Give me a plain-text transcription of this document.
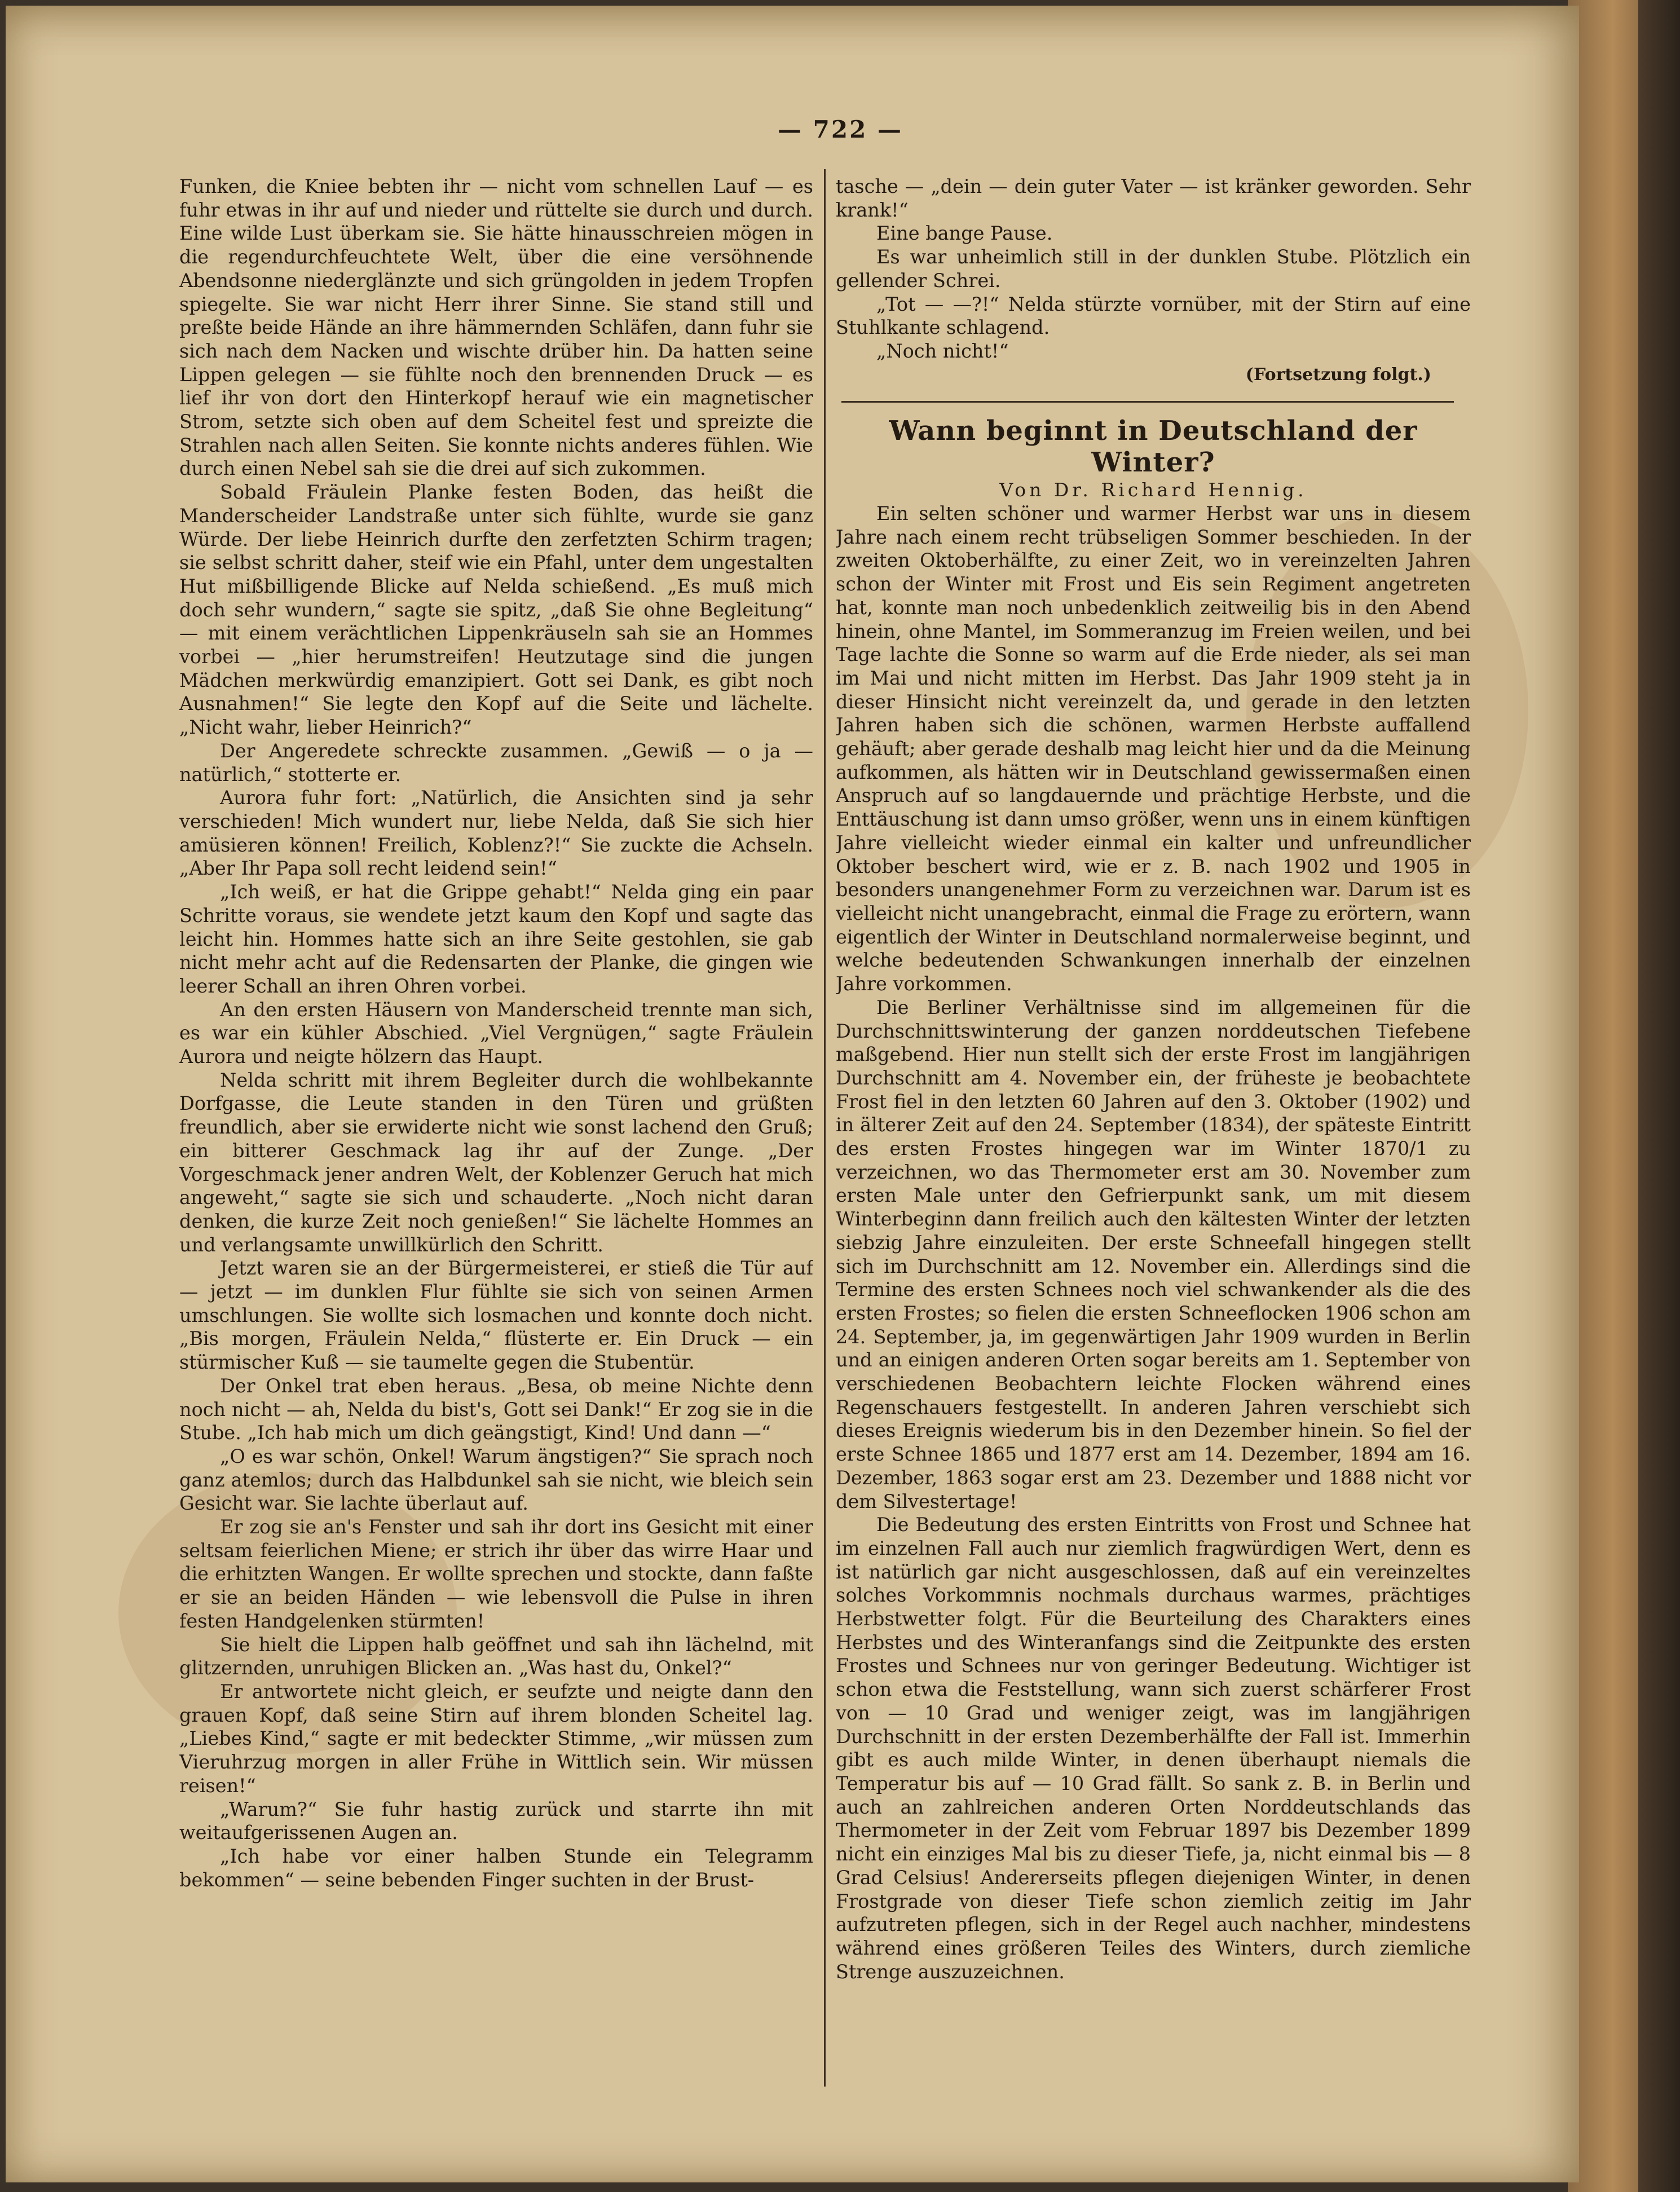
— 722 —

Funken, die Kniee bebten ihr — nicht vom schnellen Lauf — es fuhr etwas in ihr auf und nieder und rüttelte sie durch und durch. Eine wilde Lust überkam sie. Sie hätte hinausschreien mögen in die regendurchfeuchtete Welt, über die eine versöhnende Abendsonne niederglänzte und sich grüngolden in jedem Tropfen spiegelte. Sie war nicht Herr ihrer Sinne. Sie stand still und preßte beide Hände an ihre hämmernden Schläfen, dann fuhr sie sich nach dem Nacken und wischte drüber hin. Da hatten seine Lippen gelegen — sie fühlte noch den brennenden Druck — es lief ihr von dort den Hinterkopf herauf wie ein magnetischer Strom, setzte sich oben auf dem Scheitel fest und spreizte die Strahlen nach allen Seiten. Sie konnte nichts anderes fühlen. Wie durch einen Nebel sah sie die drei auf sich zukommen.

Sobald Fräulein Planke festen Boden, das heißt die Manderscheider Landstraße unter sich fühlte, wurde sie ganz Würde. Der liebe Heinrich durfte den zerfetzten Schirm tragen; sie selbst schritt daher, steif wie ein Pfahl, unter dem ungestalten Hut mißbilligende Blicke auf Nelda schießend. „Es muß mich doch sehr wundern,“ sagte sie spitz, „daß Sie ohne Begleitung“ — mit einem verächtlichen Lippenkräuseln sah sie an Hommes vorbei — „hier herumstreifen! Heutzutage sind die jungen Mädchen merkwürdig emanzipiert. Gott sei Dank, es gibt noch Ausnahmen!“ Sie legte den Kopf auf die Seite und lächelte. „Nicht wahr, lieber Heinrich?“

Der Angeredete schreckte zusammen. „Gewiß — o ja — natürlich,“ stotterte er.

Aurora fuhr fort: „Natürlich, die Ansichten sind ja sehr verschieden! Mich wundert nur, liebe Nelda, daß Sie sich hier amüsieren können! Freilich, Koblenz?!“ Sie zuckte die Achseln. „Aber Ihr Papa soll recht leidend sein!“

„Ich weiß, er hat die Grippe gehabt!“ Nelda ging ein paar Schritte voraus, sie wendete jetzt kaum den Kopf und sagte das leicht hin. Hommes hatte sich an ihre Seite gestohlen, sie gab nicht mehr acht auf die Redensarten der Planke, die gingen wie leerer Schall an ihren Ohren vorbei.

An den ersten Häusern von Manderscheid trennte man sich, es war ein kühler Abschied. „Viel Vergnügen,“ sagte Fräulein Aurora und neigte hölzern das Haupt.

Nelda schritt mit ihrem Begleiter durch die wohlbekannte Dorfgasse, die Leute standen in den Türen und grüßten freundlich, aber sie erwiderte nicht wie sonst lachend den Gruß; ein bitterer Geschmack lag ihr auf der Zunge. „Der Vorgeschmack jener andren Welt, der Koblenzer Geruch hat mich angeweht,“ sagte sie sich und schauderte. „Noch nicht daran denken, die kurze Zeit noch genießen!“ Sie lächelte Hommes an und verlangsamte unwillkürlich den Schritt.

Jetzt waren sie an der Bürgermeisterei, er stieß die Tür auf — jetzt — im dunklen Flur fühlte sie sich von seinen Armen umschlungen. Sie wollte sich losmachen und konnte doch nicht. „Bis morgen, Fräulein Nelda,“ flüsterte er. Ein Druck — ein stürmischer Kuß — sie taumelte gegen die Stubentür.

Der Onkel trat eben heraus. „Besa, ob meine Nichte denn noch nicht — ah, Nelda du bist's, Gott sei Dank!“ Er zog sie in die Stube. „Ich hab mich um dich geängstigt, Kind! Und dann —“

„O es war schön, Onkel! Warum ängstigen?“ Sie sprach noch ganz atemlos; durch das Halbdunkel sah sie nicht, wie bleich sein Gesicht war. Sie lachte überlaut auf.

Er zog sie an's Fenster und sah ihr dort ins Gesicht mit einer seltsam feierlichen Miene; er strich ihr über das wirre Haar und die erhitzten Wangen. Er wollte sprechen und stockte, dann faßte er sie an beiden Händen — wie lebensvoll die Pulse in ihren festen Handgelenken stürmten!

Sie hielt die Lippen halb geöffnet und sah ihn lächelnd, mit glitzernden, unruhigen Blicken an. „Was hast du, Onkel?“

Er antwortete nicht gleich, er seufzte und neigte dann den grauen Kopf, daß seine Stirn auf ihrem blonden Scheitel lag. „Liebes Kind,“ sagte er mit bedeckter Stimme, „wir müssen zum Vieruhrzug morgen in aller Frühe in Wittlich sein. Wir müssen reisen!“

„Warum?“ Sie fuhr hastig zurück und starrte ihn mit weitaufgerissenen Augen an.

„Ich habe vor einer halben Stunde ein Telegramm bekommen“ — seine bebenden Finger suchten in der Brust-

tasche — „dein — dein guter Vater — ist kränker geworden. Sehr krank!“

Eine bange Pause.

Es war unheimlich still in der dunklen Stube. Plötzlich ein gellender Schrei.

„Tot — —?!“ Nelda stürzte vornüber, mit der Stirn auf eine Stuhlkante schlagend.

„Noch nicht!“

(Fortsetzung folgt.)

Wann beginnt in Deutschland der Winter?

Von Dr. Richard Hennig.

Ein selten schöner und warmer Herbst war uns in diesem Jahre nach einem recht trübseligen Sommer beschieden. In der zweiten Oktoberhälfte, zu einer Zeit, wo in vereinzelten Jahren schon der Winter mit Frost und Eis sein Regiment angetreten hat, konnte man noch unbedenklich zeitweilig bis in den Abend hinein, ohne Mantel, im Sommeranzug im Freien weilen, und bei Tage lachte die Sonne so warm auf die Erde nieder, als sei man im Mai und nicht mitten im Herbst. Das Jahr 1909 steht ja in dieser Hinsicht nicht vereinzelt da, und gerade in den letzten Jahren haben sich die schönen, warmen Herbste auffallend gehäuft; aber gerade deshalb mag leicht hier und da die Meinung aufkommen, als hätten wir in Deutschland gewissermaßen einen Anspruch auf so langdauernde und prächtige Herbste, und die Enttäuschung ist dann umso größer, wenn uns in einem künftigen Jahre vielleicht wieder einmal ein kalter und unfreundlicher Oktober beschert wird, wie er z. B. nach 1902 und 1905 in besonders unangenehmer Form zu verzeichnen war. Darum ist es vielleicht nicht unangebracht, einmal die Frage zu erörtern, wann eigentlich der Winter in Deutschland normalerweise beginnt, und welche bedeutenden Schwankungen innerhalb der einzelnen Jahre vorkommen.

Die Berliner Verhältnisse sind im allgemeinen für die Durchschnittswinterung der ganzen norddeutschen Tiefebene maßgebend. Hier nun stellt sich der erste Frost im langjährigen Durchschnitt am 4. November ein, der früheste je beobachtete Frost fiel in den letzten 60 Jahren auf den 3. Oktober (1902) und in älterer Zeit auf den 24. September (1834), der späteste Eintritt des ersten Frostes hingegen war im Winter 1870/1 zu verzeichnen, wo das Thermometer erst am 30. November zum ersten Male unter den Gefrierpunkt sank, um mit diesem Winterbeginn dann freilich auch den kältesten Winter der letzten siebzig Jahre einzuleiten. Der erste Schneefall hingegen stellt sich im Durchschnitt am 12. November ein. Allerdings sind die Termine des ersten Schnees noch viel schwankender als die des ersten Frostes; so fielen die ersten Schneeflocken 1906 schon am 24. September, ja, im gegenwärtigen Jahr 1909 wurden in Berlin und an einigen anderen Orten sogar bereits am 1. September von verschiedenen Beobachtern leichte Flocken während eines Regenschauers festgestellt. In anderen Jahren verschiebt sich dieses Ereignis wiederum bis in den Dezember hinein. So fiel der erste Schnee 1865 und 1877 erst am 14. Dezember, 1894 am 16. Dezember, 1863 sogar erst am 23. Dezember und 1888 nicht vor dem Silvestertage!

Die Bedeutung des ersten Eintritts von Frost und Schnee hat im einzelnen Fall auch nur ziemlich fragwürdigen Wert, denn es ist natürlich gar nicht ausgeschlossen, daß auf ein vereinzeltes solches Vorkommnis nochmals durchaus warmes, prächtiges Herbstwetter folgt. Für die Beurteilung des Charakters eines Herbstes und des Winteranfangs sind die Zeitpunkte des ersten Frostes und Schnees nur von geringer Bedeutung. Wichtiger ist schon etwa die Feststellung, wann sich zuerst schärferer Frost von — 10 Grad und weniger zeigt, was im langjährigen Durchschnitt in der ersten Dezemberhälfte der Fall ist. Immerhin gibt es auch milde Winter, in denen überhaupt niemals die Temperatur bis auf — 10 Grad fällt. So sank z. B. in Berlin und auch an zahlreichen anderen Orten Norddeutschlands das Thermometer in der Zeit vom Februar 1897 bis Dezember 1899 nicht ein einziges Mal bis zu dieser Tiefe, ja, nicht einmal bis — 8 Grad Celsius! Andererseits pflegen diejenigen Winter, in denen Frostgrade von dieser Tiefe schon ziemlich zeitig im Jahr aufzutreten pflegen, sich in der Regel auch nachher, mindestens während eines größeren Teiles des Winters, durch ziemliche Strenge auszuzeichnen.
